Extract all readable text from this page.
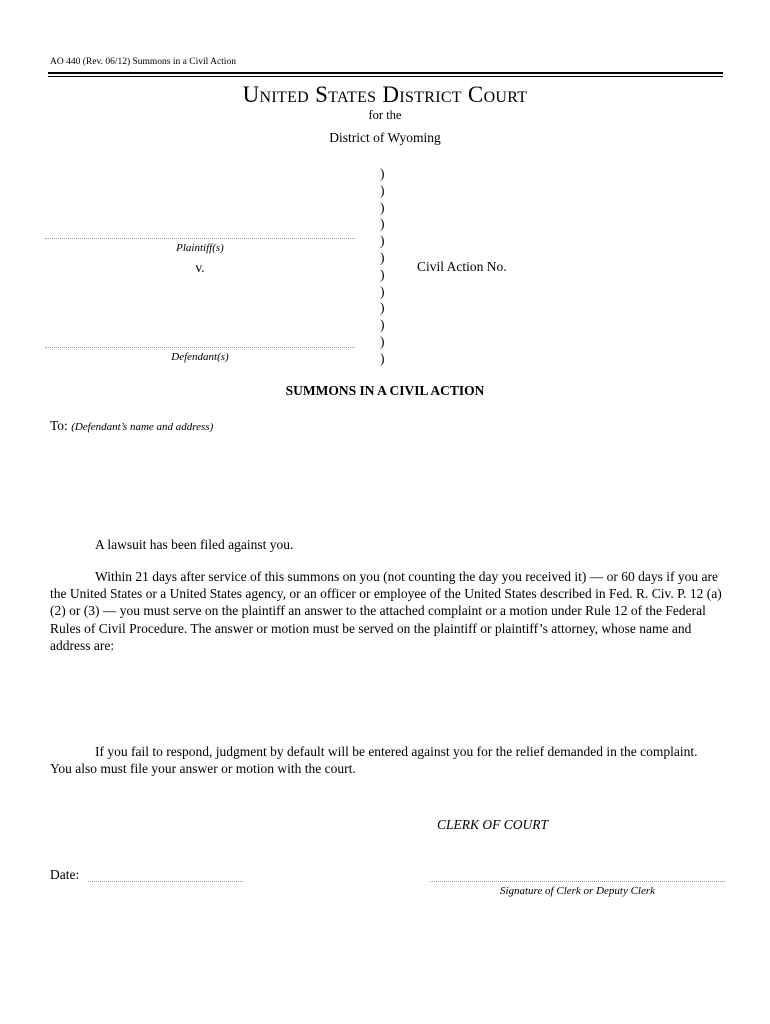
AO 440 (Rev. 06/12) Summons in a Civil Action
United States District Court
for the
District of Wyoming
)
)
)
)
)
)
)
)
)
)
)
)
Plaintiff(s)
v.
Defendant(s)
Civil Action No.
SUMMONS IN A CIVIL ACTION
To: (Defendant’s name and address)
A lawsuit has been filed against you.
Within 21 days after service of this summons on you (not counting the day you received it) — or 60 days if you are the United States or a United States agency, or an officer or employee of the United States described in Fed. R. Civ. P. 12 (a)(2) or (3) — you must serve on the plaintiff an answer to the attached complaint or a motion under Rule 12 of the Federal Rules of Civil Procedure. The answer or motion must be served on the plaintiff or plaintiff’s attorney, whose name and address are:
If you fail to respond, judgment by default will be entered against you for the relief demanded in the complaint. You also must file your answer or motion with the court.
CLERK OF COURT
Date:
Signature of Clerk or Deputy Clerk
